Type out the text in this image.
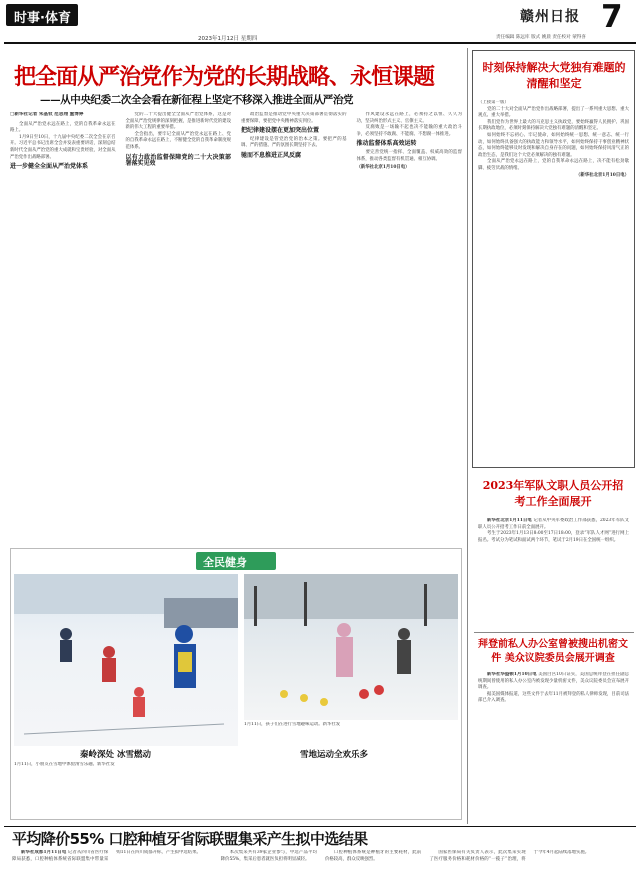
时事·体育
2023年1月12日 星期四	责任编辑 陈远库 版式 姚晨 责任校对 蒙得喜
赣州日报 7
把全面从严治党作为党的长期战略、永恒课题
——从中央纪委二次全会看在新征程上坚定不移深入推进全面从严治党
□新华社记者 朱基钗 范思翔 董博婷

全面从严治党永远在路上，党的自我革命永远在路上。

1月9日至10日，十九届中央纪委二次全会在京召开。习近平总书记出席全会并发表重要讲话，深刻总结新时代全面从严治党的重大成就和宝贵经验，对全面从严治党作出战略部署。

进一步健全全面从严治党体系

党的二十大提出健全全面从严治党体系，这是对全面从严治党规律的深刻把握，是推进新时代党的建设新的伟大工程的重要举措。

全会指出，要牢记全面从严治党永远在路上、党的自我革命永远在路上，不断健全党的自我革命制度规范体系。

以有力政治监督保障党的二十大决策部署落实见效

政治监督是推动党中央重大决策部署贯彻落实的重要保障，要把党中央精神落实到位。

把纪律建设摆在更加突出位置

纪律建设是管党治党的治本之策。要把严的基调、严的措施、严的氛围长期坚持下去。

驰而不息推进正风反腐

作风建设永远在路上，必须持之以恒、久久为功，坚决纠治形式主义、官僚主义。

反腐败是一场输不起也决不能输的重大政治斗争，必须坚持不敢腐、不能腐、不想腐一体推进。

推动监督体系高效运转

要完善党统一指挥、全面覆盖、权威高效的监督体系，推动各类监督有机贯通、相互协调。

（新华社北京1月10日电）
时刻保持解决大党独有难题的清醒和坚定
（上接第一版）

党的二十大对全面从严治党作出战略部署，提出了一系列重大思想、重大观点、重大举措。

我们党作为世界上最大的马克思主义执政党，要始终赢得人民拥护、巩固长期执政地位，必须时刻保持解决大党独有难题的清醒和坚定。

如何始终不忘初心、牢记使命，如何始终统一思想、统一意志、统一行动，如何始终具备强大的执政能力和领导水平，如何始终保持干事创业精神状态，如何始终能够及时发现和解决自身存在的问题，如何始终保持风清气正的政治生态，是我们这个大党必须解决的独有难题。

全面从严治党永远在路上，党的自我革命永远在路上，决不能有松劲歇脚、疲劳厌战的情绪。

（新华社北京1月10日电）
2023年军队文职人员公开招考工作全面展开

新华社北京1月11日电 记者从中央军委政治工作部获悉，2023年军队文职人员公开招考工作日前全面展开。

考生于2023年1月13日8:00至17日18:00，登录“军队人才网”进行网上报名。考试分为笔试和面试两个环节，笔试于2月19日在全国统一组织。

拜登前私人办公室曾被搜出机密文件 美众议院委员会展开调查

新华社华盛顿1月10日电 美国白宫10日证实，美国总统拜登在担任副总统期间曾使用的私人办公室内被发现少量机密文件，美众议院委员会宣布展开调查。

据美国媒体报道，这些文件于去年11月被拜登的私人律师发现，目前司法部已介入调查。

全民健身
秦岭深处 冰雪燃动
1月11日，小朋友在雪地中体验滑雪乐趣。新华社发
1月11日，孩子们在进行雪地趣味运动。新华社发
雪地运动全欢乐多
平均降价55% 口腔种植牙省际联盟集采产生拟中选结果

新华社成都1月11日电 记者从四川省医疗保障局获悉，口腔种植体系统省际联盟集中带量采购11日在四川成都开标，产生拟中选结果。	本次集采共有39家企业参与，中选产品平均降价55%，集采后患者就医负担将明显减轻。

口腔种植体系统是种植牙的主要耗材，此前价格较高，群众反映强烈。

国家医保局有关负责人表示，此次集采实现了医疗服务价格和耗材价格的“一揽子”治理，将于今年4月起陆续落地实施。
